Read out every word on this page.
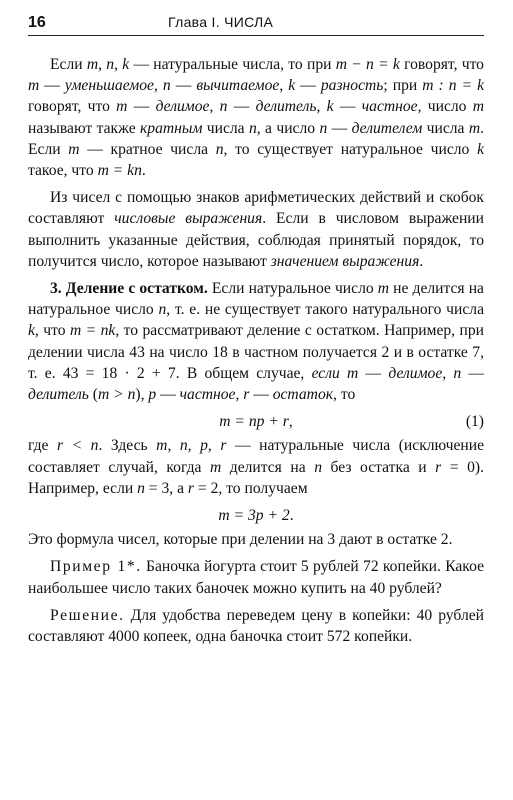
16	Глава I. ЧИСЛА

Если m, n, k — натуральные числа, то при m − n = k говорят, что m — уменьшаемое, n — вычитаемое, k — разность; при m : n = k говорят, что m — делимое, n — делитель, k — частное, число m называют также кратным числа n, а число n — делителем числа m. Если m — кратное числа n, то существует натуральное число k такое, что m = kn.

Из чисел с помощью знаков арифметических действий и скобок составляют числовые выражения. Если в числовом выражении выполнить указанные действия, соблюдая принятый порядок, то получится число, которое называют значением выражения.

3. Деление с остатком. Если натуральное число m не делится на натуральное число n, т. е. не существует такого натурального числа k, что m = nk, то рассматривают деление с остатком. Например, при делении числа 43 на число 18 в частном получается 2 и в остатке 7, т. е. 43 = 18 · 2 + 7. В общем случае, если m — делимое, n — делитель (m > n), p — частное, r — остаток, то

m = np + r ,	(1)

где r < n. Здесь m, n, p, r — натуральные числа (исключение составляет случай, когда m делится на n без остатка и r = 0). Например, если n = 3, а r = 2, то получаем

m = 3p + 2 .

Это формула чисел, которые при делении на 3 дают в остатке 2.

Пример 1*. Баночка йогурта стоит 5 рублей 72 копейки. Какое наибольшее число таких баночек можно купить на 40 рублей?

Решение. Для удобства переведем цену в копейки: 40 рублей составляют 4000 копеек, одна баночка стоит 572 копейки.
